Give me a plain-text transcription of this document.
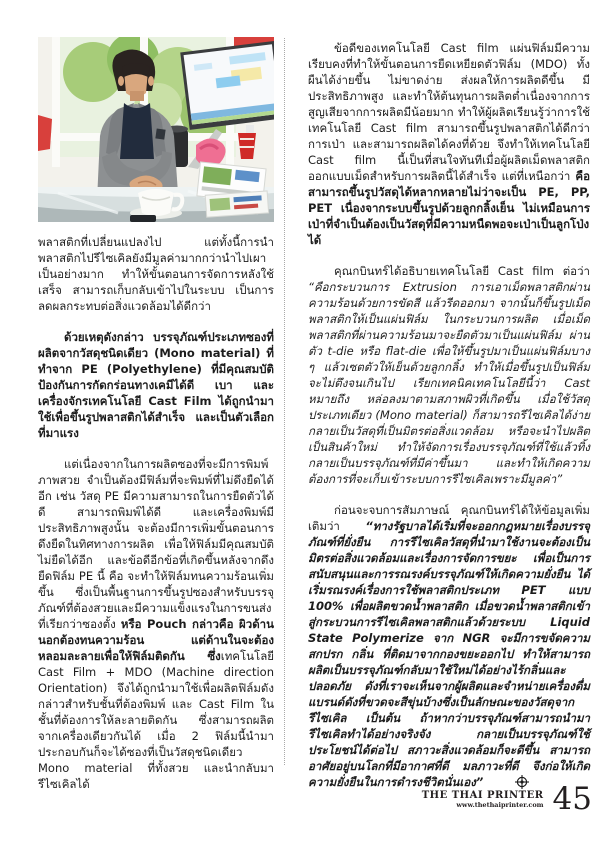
พลาสติกที่เปลี่ยนแปลงไป แต่ทั้งนี้การนำพลาสติกไปรีไซเคิลยังมีมูลค่ามากกว่านำไปเผาเป็นอย่างมาก ทำให้ขั้นตอนการจัดการหลังใช้เสร็จ สามารถเก็บกลับเข้าไปในระบบ เป็นการลดผลกระทบต่อสิ่งแวดล้อมได้ดีกว่า

ด้วยเหตุดังกล่าว บรรจุภัณฑ์ประเภทซองที่ผลิตจากวัสดุชนิดเดียว (Mono material) ที่ทำจาก PE (Polyethylene) ที่มีคุณสมบัติป้องกันการกัดกร่อนทางเคมีได้ดี เบา และเครื่องจักรเทคโนโลยี Cast Film ได้ถูกนำมาใช้เพื่อขึ้นรูปพลาสติกได้สำเร็จ และเป็นตัวเลือกที่มาแรง

แต่เนื่องจากในการผลิตซองที่จะมีการพิมพ์ภาพสวย จำเป็นต้องมีฟิล์มที่จะพิมพ์ที่ไม่ดึงยืดได้อีก เช่น วัสดุ PE มีความสามารถในการยืดตัวได้ดี สามารถพิมพ์ได้ดี และเครื่องพิมพ์มีประสิทธิภาพสูงนั้น จะต้องมีการเพิ่มขั้นตอนการดึงยืดในทิศทางการผลิต เพื่อให้ฟิล์มมีคุณสมบัติไม่ยืดได้อีก และข้อดีอีกข้อที่เกิดขึ้นหลังจากดึงยืดฟิล์ม PE นี้ คือ จะทำให้ฟิล์มทนความร้อนเพิ่มขึ้น ซึ่งเป็นพื้นฐานการขึ้นรูปซองสำหรับบรรจุภัณฑ์ที่ต้องสวยและมีความแข็งแรงในการขนส่ง ที่เรียกว่าซองตั้ง หรือ Pouch กล่าวคือ ผิวด้านนอกต้องทนความร้อน แต่ด้านในจะต้องหลอมละลายเพื่อให้ฟิล์มติดกัน ซึ่งเทคโนโลยี Cast Film + MDO (Machine direction Orientation) จึงได้ถูกนำมาใช้เพื่อผลิตฟิล์มดังกล่าวสำหรับชั้นที่ต้องพิมพ์ และ Cast Film ในชั้นที่ต้องการให้ละลายติดกัน ซึ่งสามารถผลิตจากเครื่องเดียวกันได้ เมื่อ 2 ฟิล์มนี้นำมาประกอบกันก็จะได้ซองที่เป็นวัสดุชนิดเดียว Mono material ที่ทั้งสวย และนำกลับมารีไซเคิลได้

ข้อดีของเทคโนโลยี Cast film แผ่นฟิล์มมีความเรียบคงที่ทำให้ขั้นตอนการยืดเหยียดตัวฟิล์ม (MDO) ทั้งผืนได้ง่ายขึ้น ไม่ขาดง่าย ส่งผลให้การผลิตดีขึ้น มีประสิทธิภาพสูง และทำให้ต้นทุนการผลิตต่ำเนื่องจากการสูญเสียจากการผลิตมีน้อยมาก ทำให้ผู้ผลิตเรียนรู้ว่าการใช้เทคโนโลยี Cast film สามารถขึ้นรูปพลาสติกได้ดีกว่าการเป่า และสามารถผลิตได้คงที่ด้วย จึงทำให้เทคโนโลยี Cast film นี้เป็นที่สนใจทันทีเมื่อผู้ผลิตเม็ดพลาสติกออกแบบเม็ดสำหรับการผลิตนี้ได้สำเร็จ แต่ที่เหนือกว่า คือ สามารถขึ้นรูปวัสดุได้หลากหลายไม่ว่าจะเป็น PE, PP, PET เนื่องจากระบบขึ้นรูปด้วยลูกกลิ้งเย็น ไม่เหมือนการเป่าที่จำเป็นต้องเป็นวัสดุที่มีความหนืดพอจะเป่าเป็นลูกโป่งได้

คุณกบินทร์ได้อธิบายเทคโนโลยี Cast film ต่อว่า “คือกระบวนการ Extrusion การเอาเม็ดพลาสติกผ่านความร้อนด้วยการขัดสี แล้วรีดออกมา จากนั้นก็ขึ้นรูปเม็ดพลาสติกให้เป็นแผ่นฟิล์ม ในกระบวนการผลิต เมื่อเม็ดพลาสติกที่ผ่านความร้อนมาจะยืดตัวมาเป็นแผ่นฟิล์ม ผ่านตัว t-die หรือ flat-die เพื่อให้ขึ้นรูปมาเป็นแผ่นฟิล์มบาง ๆ แล้วเซตตัวให้เย็นด้วยลูกกลิ้ง ทำให้เมื่อขึ้นรูปเป็นฟิล์ม จะไม่ตึงจนเกินไป เรียกเทคนิคเทคโนโลยีนี้ว่า Cast หมายถึง หล่อลงมาตามสภาพผิวที่เกิดขึ้น เมื่อใช้วัสดุประเภทเดียว (Mono material) ก็สามารถรีไซเคิลได้ง่าย กลายเป็นวัสดุที่เป็นมิตรต่อสิ่งแวดล้อม หรือจะนำไปผลิตเป็นสินค้าใหม่ ทำให้จัดการเรื่องบรรจุภัณฑ์ที่ใช้แล้วทิ้ง กลายเป็นบรรจุภัณฑ์ที่มีค่าขึ้นมา และทำให้เกิดความต้องการที่จะเก็บเข้าระบบการรีไซเคิลเพราะมีมูลค่า”

ก่อนจะจบการสัมภาษณ์ คุณกบินทร์ได้ให้ข้อมูลเพิ่มเติมว่า “ทางรัฐบาลได้เริ่มที่จะออกกฎหมายเรื่องบรรจุภัณฑ์ที่ยั่งยืน การรีไซเคิลวัสดุที่นำมาใช้งานจะต้องเป็นมิตรต่อสิ่งแวดล้อมและเรื่องการจัดการขยะ เพื่อเป็นการสนับสนุนและการรณรงค์บรรจุภัณฑ์ให้เกิดความยั่งยืน ได้เริ่มรณรงค์เรื่องการใช้พลาสติกประเภท PET แบบ 100% เพื่อผลิตขวดน้ำพลาสติก เมื่อขวดน้ำพลาสติกเข้าสู่กระบวนการรีไซเคิลพลาสติกแล้วด้วยระบบ Liquid State Polymerize จาก NGR จะมีการขจัดความสกปรก กลิ่น ที่ติดมาจากกองขยะออกไป ทำให้สามารถผลิตเป็นบรรจุภัณฑ์กลับมาใช้ใหม่ได้อย่างไร้กลิ่นและปลอดภัย ดังที่เราจะเห็นจากผู้ผลิตและจำหน่ายเครื่องดื่มแบรนด์ดังที่ขวดจะสีขุ่นบ้างซึ่งเป็นลักษณะของวัสดุจากรีไซเคิล เป็นต้น ถ้าหากว่าบรรจุภัณฑ์สามารถนำมารีไซเคิลทำได้อย่างจริงจัง กลายเป็นบรรจุภัณฑ์ใช้ประโยชน์ได้ต่อไป สภาวะสิ่งแวดล้อมก็จะดีขึ้น สามารถอาศัยอยู่บนโลกที่มีอากาศที่ดี มลภาวะที่ดี จึงก่อให้เกิดความยั่งยืนในการดำรงชีวิตนั่นเอง”

THE THAI PRINTER
www.thethaiprinter.com 45
